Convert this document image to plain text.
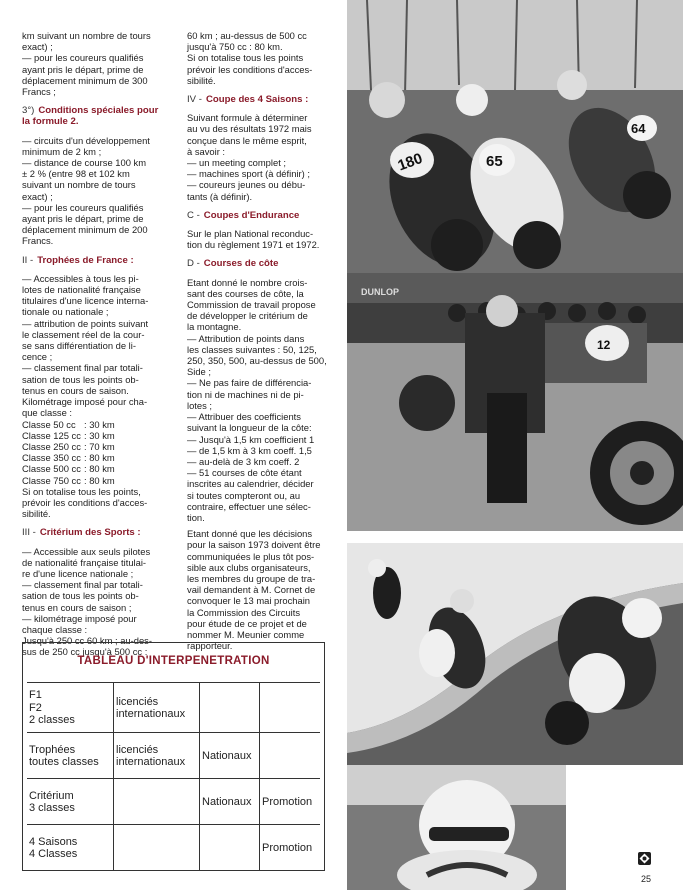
km suivant un nombre de tours
exact) ;
— pour les coureurs qualifiés
ayant pris le départ, prime de
déplacement minimum de 300
Francs ;

3°) Conditions spéciales pour
la formule 2.

— circuits d'un développement
minimum de 2 km ;
— distance de course 100 km
± 2 % (entre 98 et 102 km
suivant un nombre de tours
exact) ;
— pour les coureurs qualifiés
ayant pris le départ, prime de
déplacement minimum de 200
Francs.

II - Trophées de France :

— Accessibles à tous les pi-
lotes de nationalité française
titulaires d'une licence interna-
tionale ou nationale ;
— attribution de points suivant
le classement réel de la cour-
se sans différentiation de li-
cence ;
— classement final par totali-
sation de tous les points ob-
tenus en cours de saison.
Kilométrage imposé pour cha-
que classe :

Classe 50 cc : 30 km
Classe 125 cc : 30 km
Classe 250 cc : 70 km
Classe 350 cc : 80 km
Classe 500 cc : 80 km
Classe 750 cc : 80 km

Si on totalise tous les points,
prévoir les conditions d'acces-
sibilité.

III - Critérium des Sports :

— Accessible aux seuls pilotes
de nationalité française titulai-
re d'une licence nationale ;
— classement final par totali-
sation de tous les points ob-
tenus en cours de saison ;
— kilométrage imposé pour
chaque classe :
Jusqu'à 250 cc 60 km ; au-des-
sus de 250 cc jusqu'à 500 cc :

60 km ; au-dessus de 500 cc
jusqu'à 750 cc : 80 km.
Si on totalise tous les points
prévoir les conditions d'acces-
sibilité.

IV - Coupe des 4 Saisons :

Suivant formule à déterminer
au vu des résultats 1972 mais
conçue dans le même esprit,
à savoir :
— un meeting complet ;
— machines sport (à définir) ;
— coureurs jeunes ou débu-
tants (à définir).

C - Coupes d'Endurance

Sur le plan National reconduc-
tion du règlement 1971 et 1972.

D - Courses de côte

Etant donné le nombre crois-
sant des courses de côte, la
Commission de travail propose
de développer le critérium de
la montagne.
— Attribution de points dans
les classes suivantes : 50, 125,
250, 350, 500, au-dessus de 500,
Side ;
— Ne pas faire de différencia-
tion ni de machines ni de pi-
lotes ;
— Attribuer des coefficients
suivant la longueur de la côte:
— Jusqu'à 1,5 km coefficient 1
— de 1,5 km à 3 km coeff. 1,5
— au-delà de 3 km coeff. 2
— 51 courses de côte étant
inscrites au calendrier, décider
si toutes compteront ou, au
contraire, effectuer une sélec-
tion.

Etant donné que les décisions
pour la saison 1973 doivent être
communiquées le plus tôt pos-
sible aux clubs organisateurs,
les membres du groupe de tra-
vail demandent à M. Cornet de
convoquer le 13 mai prochain
la Commission des Circuits
pour étude de ce projet et de
nommer M. Meunier comme
rapporteur.

180	65
64
DUNLOP
12
TABLEAU D'INTERPENETRATION
F1
F2
2 classes
licenciés
internationaux
Trophées
toutes classes
licenciés
internationaux
Nationaux
Critérium
3 classes
Nationaux Promotion
4 Saisons
4 Classes
Promotion
25
